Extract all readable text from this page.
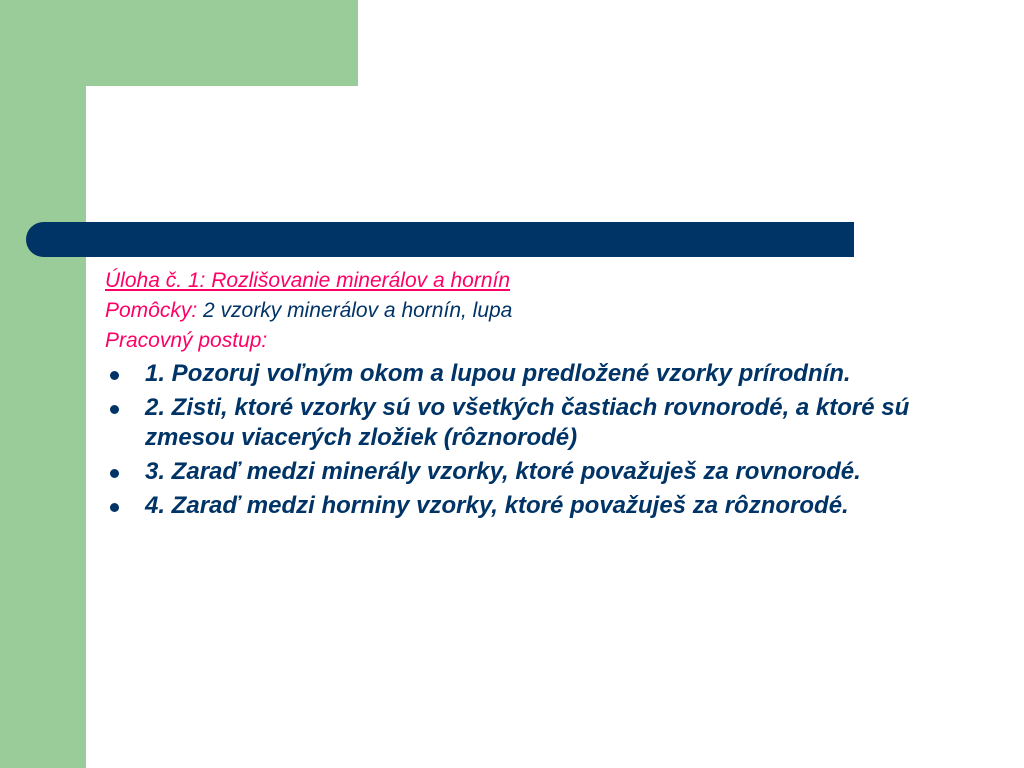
Úloha č. 1: Rozlišovanie minerálov a hornín
Pomôcky: 2 vzorky minerálov a hornín, lupa
Pracovný postup:
1. Pozoruj voľným okom a lupou predložené vzorky prírodnín.
2. Zisti, ktoré vzorky sú vo všetkých častiach rovnorodé, a ktoré sú zmesou viacerých zložiek (rôznorodé)
3. Zaraď medzi minerály vzorky, ktoré považuješ za rovnorodé.
4. Zaraď medzi horniny vzorky, ktoré považuješ za rôznorodé.
